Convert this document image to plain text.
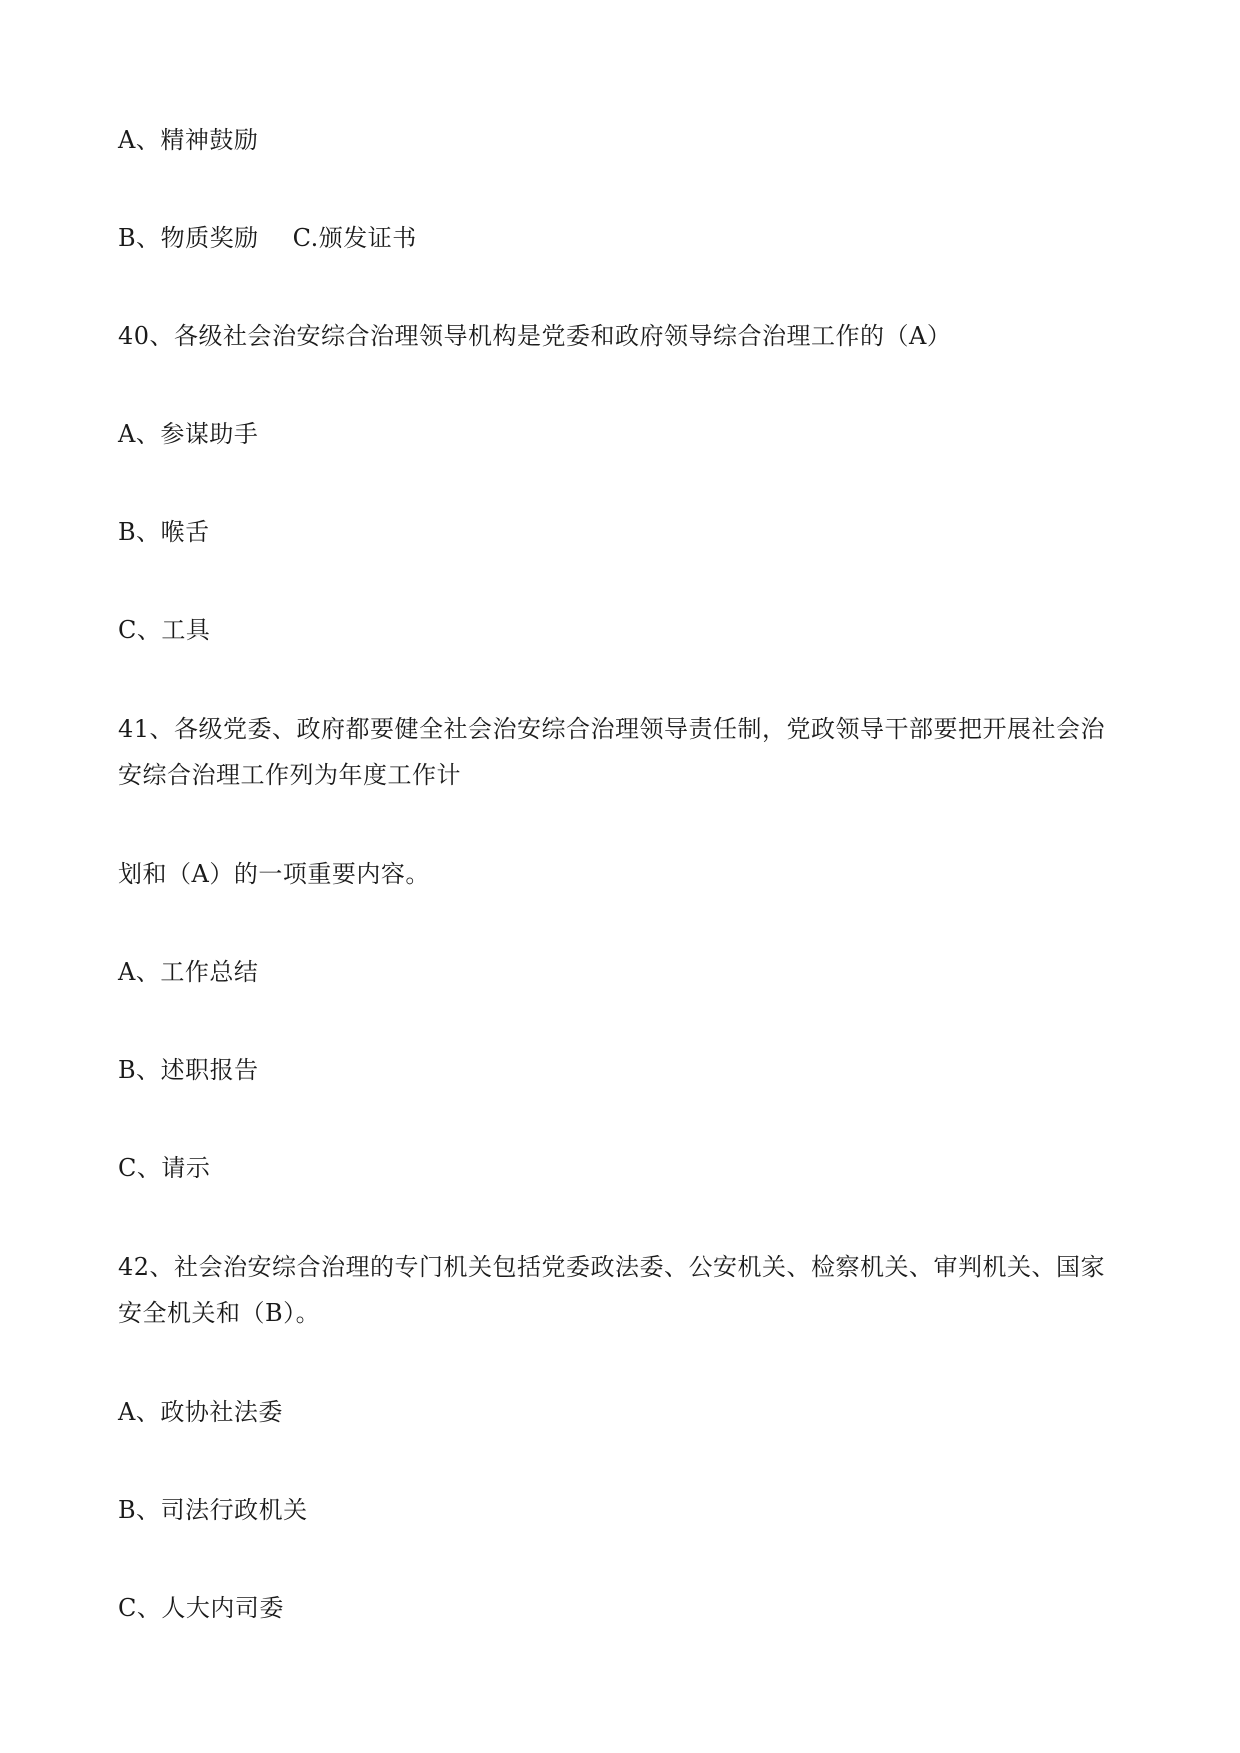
A、精神鼓励
B、物质奖励 C.颁发证书
40、各级社会治安综合治理领导机构是党委和政府领导综合治理工作的（A）
A、参谋助手
B、喉舌
C、工具
41、各级党委、政府都要健全社会治安综合治理领导责任制，党政领导干部要把开展社会治安综合治理工作列为年度工作计
划和（A）的一项重要内容。
A、工作总结
B、述职报告
C、请示
42、社会治安综合治理的专门机关包括党委政法委、公安机关、检察机关、审判机关、国家安全机关和（B）。
A、政协社法委
B、司法行政机关
C、人大内司委
